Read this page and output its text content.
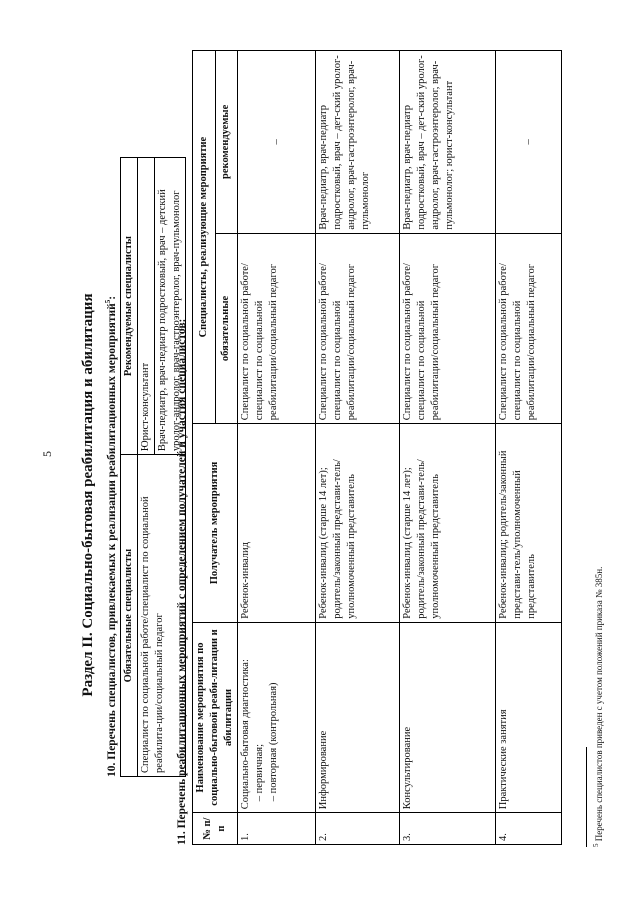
5 Раздел II. Социально-бытовая реабилитация и абилитация 10. Перечень специалистов, привлекаемых к реализации реабилитационных мероприятий$^5$:
Обязательные специалисты	Рекомендуемые специалисты
Специалист по социальной работе/специалист по социальной реабилита-ции/социальный педагог	Юрист-консультант
	Врач-педиатр, врач-педиатр подростковый, врач – детский уролог-андролог, врач-гастроэнтеролог, врач-пульмонолог
11. Перечень реабилитационных мероприятий с определением получателей и участия специалистов: № п/п	Наименование мероприятия по социально-бытовой реаби-литации и абилитации	Получатель мероприятия	Специалисты, реализующие мероприятие	
			обязательные	рекомендуемые
1.	Социально-бытовая диагностика: – первичная; – повторная (контрольная)	Ребенок-инвалид	Специалист по социальной работе/специалист по социальной реабилитации/социальный педагог	–
2.	Информирование	Ребенок-инвалид (старше 14 лет); родитель/законный представи-тель/уполномоченный представитель	Специалист по социальной работе/специалист по социальной реабилитации/социальный педагог	Врач-педиатр, врач-педиатр подростковый, врач – дет-ский уролог-андролог, врач-гастроэнтеролог, врач-пульмонолог
3.	Консультирование	Ребенок-инвалид (старше 14 лет); родитель/законный представи-тель/уполномоченный представитель	Специалист по социальной работе/специалист по социальной реабилитации/социальный педагог	Врач-педиатр, врач-педиатр подростковый, врач – дет-ский уролог-андролог, врач-гастроэнтеролог, врач-пульмонолог; юрист-консультант
4.	Практические занятия	Ребенок-инвалид; родитель/законный представи-тель/уполномоченный представитель	Специалист по социальной работе/специалист по социальной реабилитации/социальный педагог	–
$^5$ Перечень специалистов приведен с учетом положений приказа № 385н.
